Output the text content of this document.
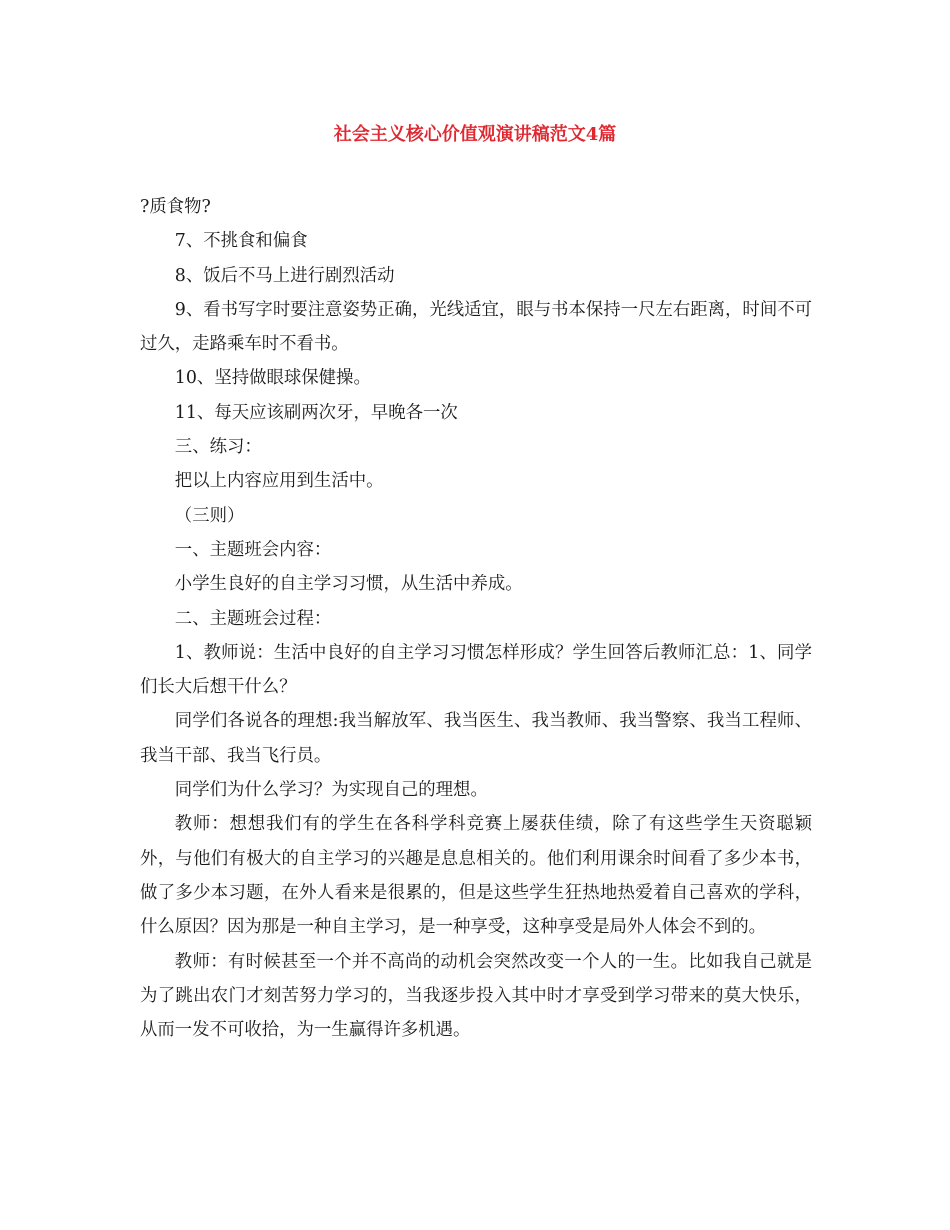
社会主义核心价值观演讲稿范文4篇

?质食物?

7、不挑食和偏食

8、饭后不马上进行剧烈活动

9、看书写字时要注意姿势正确，光线适宜，眼与书本保持一尺左右距离，时间不可过久，走路乘车时不看书。

10、坚持做眼球保健操。

11、每天应该刷两次牙，早晚各一次

三、练习：

把以上内容应用到生活中。

（三则）

一、主题班会内容：

小学生良好的自主学习习惯，从生活中养成。

二、主题班会过程：

1、教师说：生活中良好的自主学习习惯怎样形成？学生回答后教师汇总：1、同学们长大后想干什么？

同学们各说各的理想:我当解放军、我当医生、我当教师、我当警察、我当工程师、我当干部、我当飞行员。

同学们为什么学习？为实现自己的理想。

教师：想想我们有的学生在各科学科竞赛上屡获佳绩，除了有这些学生天资聪颖外，与他们有极大的自主学习的兴趣是息息相关的。他们利用课余时间看了多少本书，做了多少本习题，在外人看来是很累的，但是这些学生狂热地热爱着自己喜欢的学科，什么原因？因为那是一种自主学习，是一种享受，这种享受是局外人体会不到的。

教师：有时候甚至一个并不高尚的动机会突然改变一个人的一生。比如我自己就是为了跳出农门才刻苦努力学习的，当我逐步投入其中时才享受到学习带来的莫大快乐，从而一发不可收拾，为一生赢得许多机遇。
